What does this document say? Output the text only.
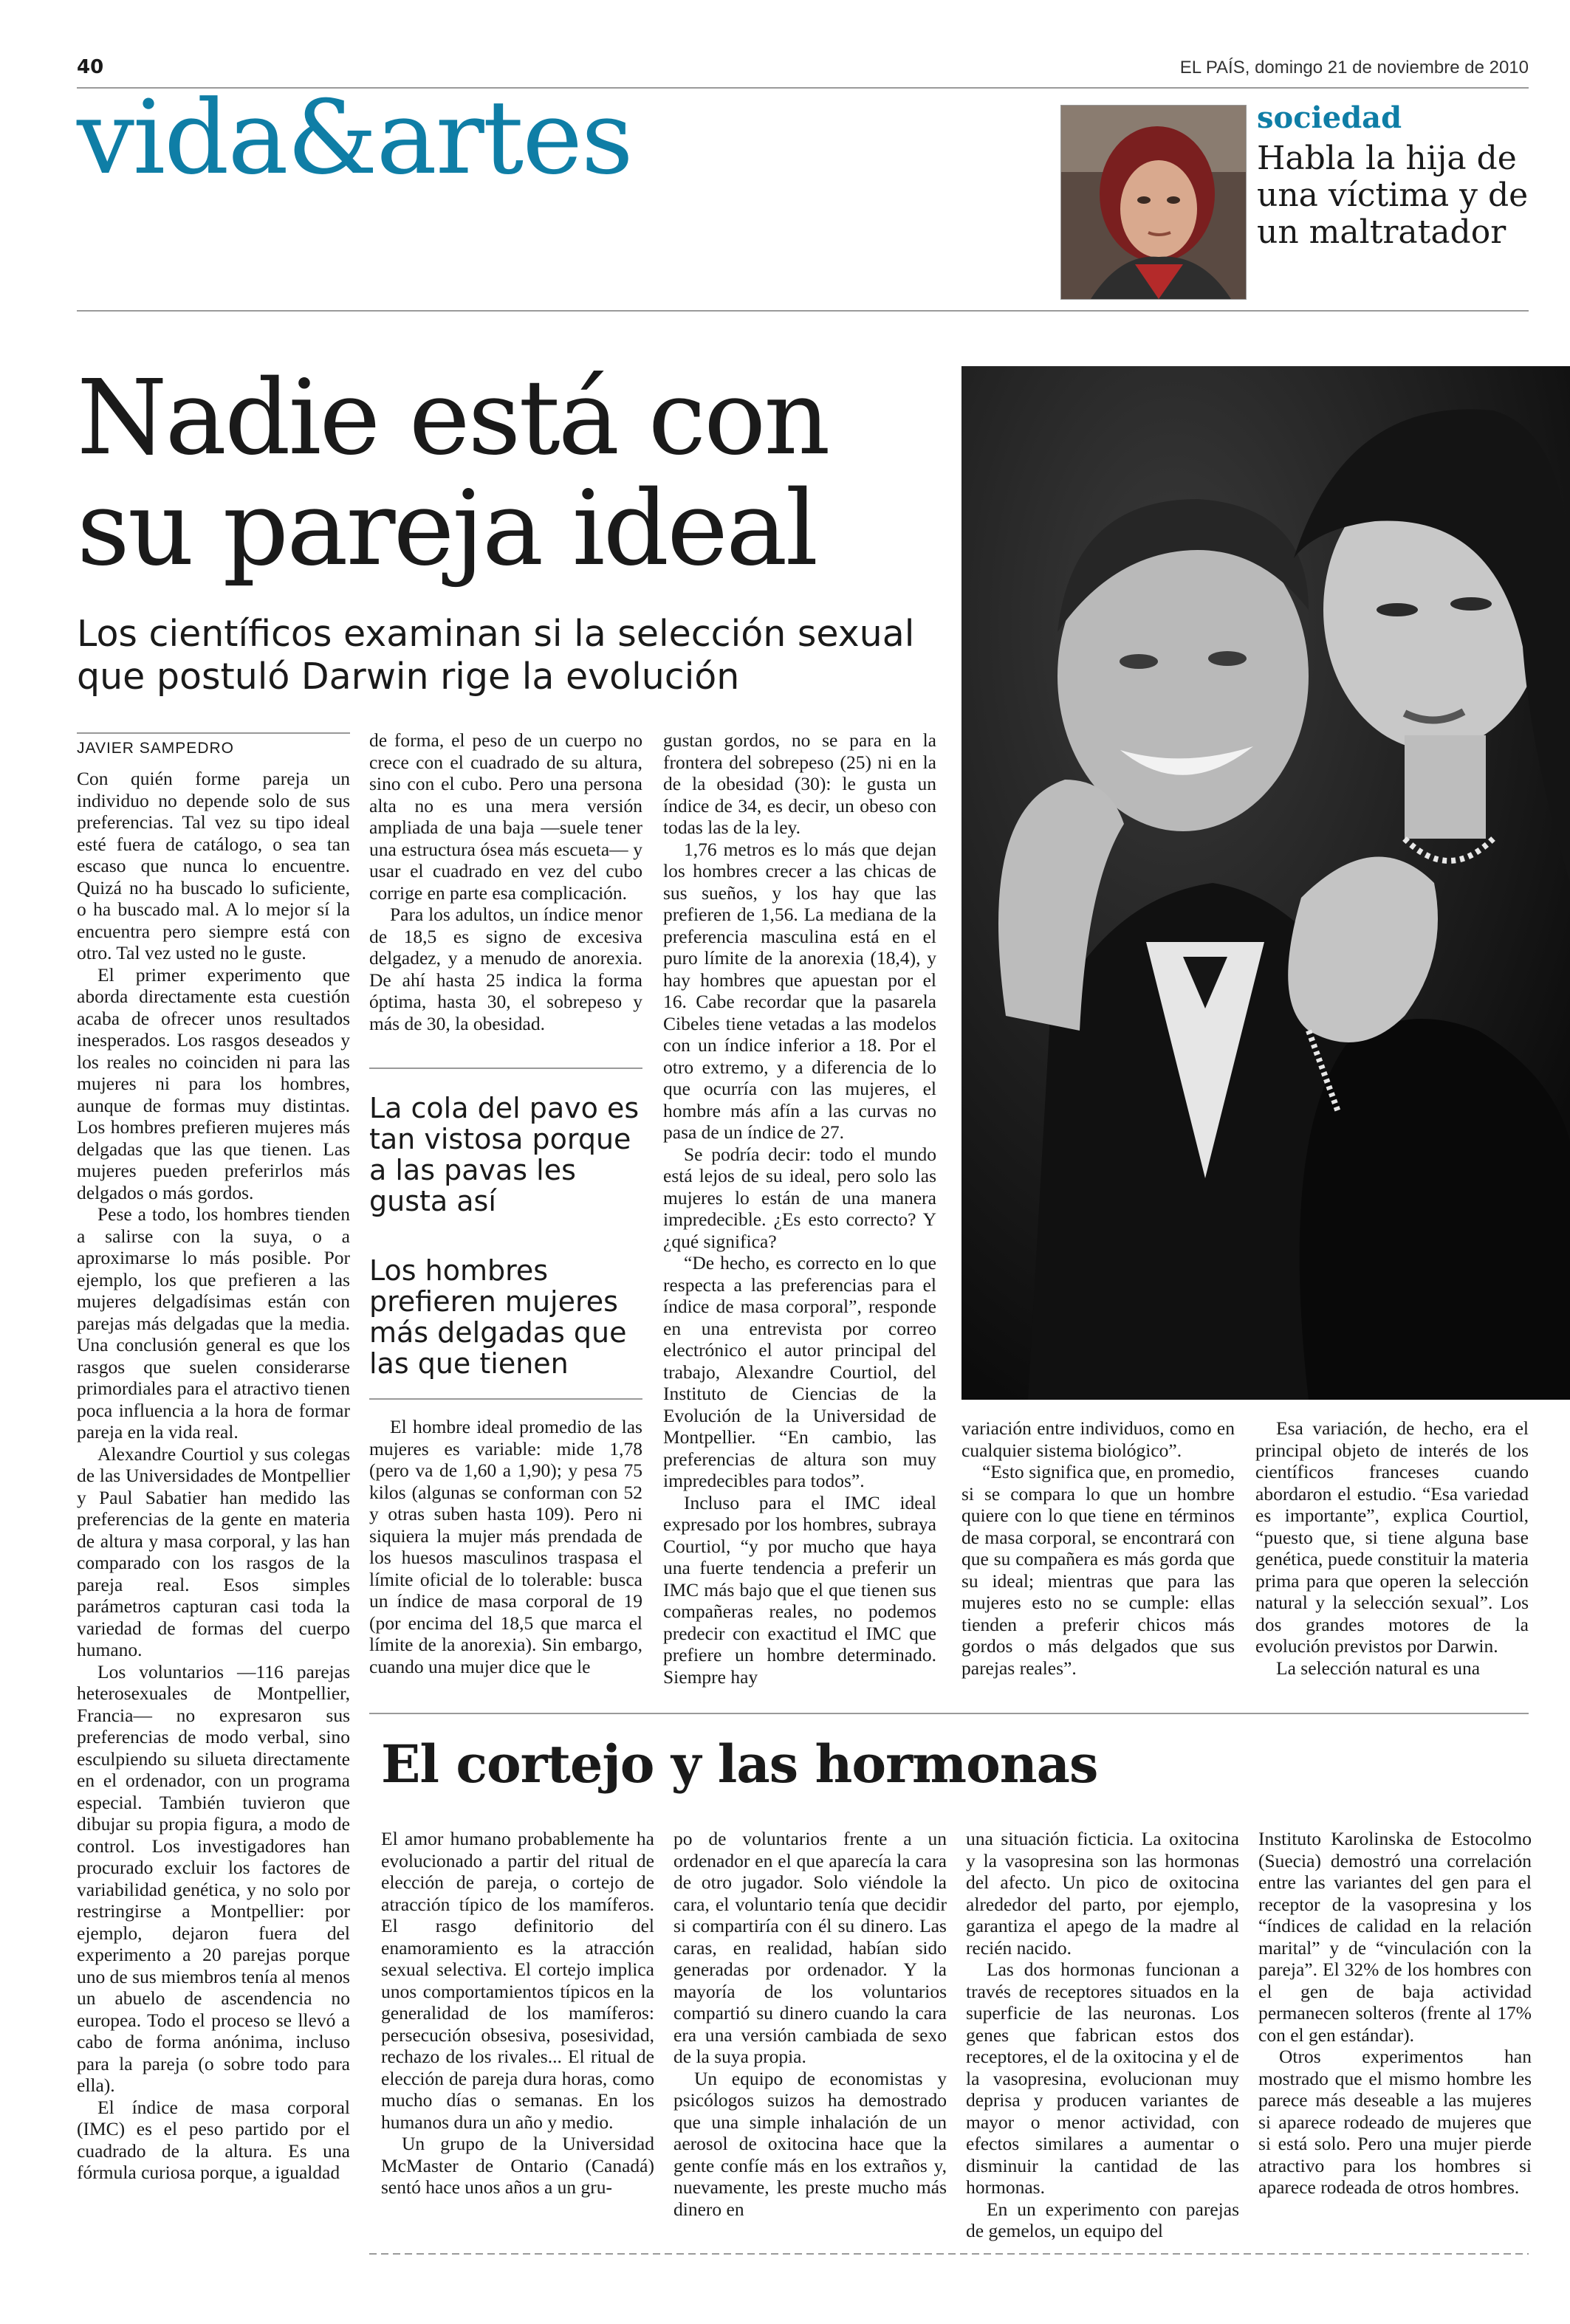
40	EL PAÍS, domingo 21 de noviembre de 2010
vida&artes	sociedad
Habla la hija de una víctima y de un maltratador
Nadie está con su pareja ideal
Los científicos examinan si la selección sexual que postuló Darwin rige la evolución
JAVIER SAMPEDRO

Con quién forme pareja un individuo no depende solo de sus preferencias. Tal vez su tipo ideal esté fuera de catálogo, o sea tan escaso que nunca lo encuentre. Quizá no ha buscado lo suficiente, o ha buscado mal. A lo mejor sí la encuentra pero siempre está con otro. Tal vez usted no le guste.

El primer experimento que aborda directamente esta cuestión acaba de ofrecer unos resultados inesperados. Los rasgos deseados y los reales no coinciden ni para las mujeres ni para los hombres, aunque de formas muy distintas. Los hombres prefieren mujeres más delgadas que las que tienen. Las mujeres pueden preferirlos más delgados o más gordos.

Pese a todo, los hombres tienden a salirse con la suya, o a aproximarse lo más posible. Por ejemplo, los que prefieren a las mujeres delgadísimas están con parejas más delgadas que la media. Una conclusión general es que los rasgos que suelen considerarse primordiales para el atractivo tienen poca influencia a la hora de formar pareja en la vida real.

Alexandre Courtiol y sus colegas de las Universidades de Montpellier y Paul Sabatier han medido las preferencias de la gente en materia de altura y masa corporal, y las han comparado con los rasgos de la pareja real. Esos simples parámetros capturan casi toda la variedad de formas del cuerpo humano.

Los voluntarios —116 parejas heterosexuales de Montpellier, Francia— no expresaron sus preferencias de modo verbal, sino esculpiendo su silueta directamente en el ordenador, con un programa especial. También tuvieron que dibujar su propia figura, a modo de control. Los investigadores han procurado excluir los factores de variabilidad genética, y no solo por restringirse a Montpellier: por ejemplo, dejaron fuera del experimento a 20 parejas porque uno de sus miembros tenía al menos un abuelo de ascendencia no europea. Todo el proceso se llevó a cabo de forma anónima, incluso para la pareja (o sobre todo para ella).

El índice de masa corporal (IMC) es el peso partido por el cuadrado de la altura. Es una fórmula curiosa porque, a igualdad

de forma, el peso de un cuerpo no crece con el cuadrado de su altura, sino con el cubo. Pero una persona alta no es una mera versión ampliada de una baja —suele tener una estructura ósea más escueta— y usar el cuadrado en vez del cubo corrige en parte esa complicación.

Para los adultos, un índice menor de 18,5 es signo de excesiva delgadez, y a menudo de anorexia. De ahí hasta 25 indica la forma óptima, hasta 30, el sobrepeso y más de 30, la obesidad.

La cola del pavo es tan vistosa porque a las pavas les gusta así
Los hombres prefieren mujeres más delgadas que las que tienen

El hombre ideal promedio de las mujeres es variable: mide 1,78 (pero va de 1,60 a 1,90); y pesa 75 kilos (algunas se conforman con 52 y otras suben hasta 109). Pero ni siquiera la mujer más prendada de los huesos masculinos traspasa el límite oficial de lo tolerable: busca un índice de masa corporal de 19 (por encima del 18,5 que marca el límite de la anorexia). Sin embargo, cuando una mujer dice que le

gustan gordos, no se para en la frontera del sobrepeso (25) ni en la de la obesidad (30): le gusta un índice de 34, es decir, un obeso con todas las de la ley.

1,76 metros es lo más que dejan los hombres crecer a las chicas de sus sueños, y los hay que las prefieren de 1,56. La mediana de la preferencia masculina está en el puro límite de la anorexia (18,4), y hay hombres que apuestan por el 16. Cabe recordar que la pasarela Cibeles tiene vetadas a las modelos con un índice inferior a 18. Por el otro extremo, y a diferencia de lo que ocurría con las mujeres, el hombre más afín a las curvas no pasa de un índice de 27.

Se podría decir: todo el mundo está lejos de su ideal, pero solo las mujeres lo están de una manera impredecible. ¿Es esto correcto? Y ¿qué significa?

“De hecho, es correcto en lo que respecta a las preferencias para el índice de masa corporal”, responde en una entrevista por correo electrónico el autor principal del trabajo, Alexandre Courtiol, del Instituto de Ciencias de la Evolución de la Universidad de Montpellier. “En cambio, las preferencias de altura son muy impredecibles para todos”.

Incluso para el IMC ideal expresado por los hombres, subraya Courtiol, “y por mucho que haya una fuerte tendencia a preferir un IMC más bajo que el que tienen sus compañeras reales, no podemos predecir con exactitud el IMC que prefiere un hombre determinado. Siempre hay

variación entre individuos, como en cualquier sistema biológico”.

“Esto significa que, en promedio, si se compara lo que un hombre quiere con lo que tiene en términos de masa corporal, se encontrará con que su compañera es más gorda que su ideal; mientras que para las mujeres esto no se cumple: ellas tienden a preferir chicos más gordos o más delgados que sus parejas reales”.

Esa variación, de hecho, era el principal objeto de interés de los científicos franceses cuando abordaron el estudio. “Esa variedad es importante”, explica Courtiol, “puesto que, si tiene alguna base genética, puede constituir la materia prima para que operen la selección natural y la selección sexual”. Los dos grandes motores de la evolución previstos por Darwin.

La selección natural es una

El cortejo y las hormonas

El amor humano probablemente ha evolucionado a partir del ritual de elección de pareja, o cortejo de atracción típico de los mamíferos. El rasgo definitorio del enamoramiento es la atracción sexual selectiva. El cortejo implica unos comportamientos típicos en la generalidad de los mamíferos: persecución obsesiva, posesividad, rechazo de los rivales... El ritual de elección de pareja dura horas, como mucho días o semanas. En los humanos dura un año y medio.

Un grupo de la Universidad McMaster de Ontario (Canadá) sentó hace unos años a un gru-

po de voluntarios frente a un ordenador en el que aparecía la cara de otro jugador. Solo viéndole la cara, el voluntario tenía que decidir si compartiría con él su dinero. Las caras, en realidad, habían sido generadas por ordenador. Y la mayoría de los voluntarios compartió su dinero cuando la cara era una versión cambiada de sexo de la suya propia.

Un equipo de economistas y psicólogos suizos ha demostrado que una simple inhalación de un aerosol de oxitocina hace que la gente confíe más en los extraños y, nuevamente, les preste mucho más dinero en

una situación ficticia. La oxitocina y la vasopresina son las hormonas del afecto. Un pico de oxitocina alrededor del parto, por ejemplo, garantiza el apego de la madre al recién nacido.

Las dos hormonas funcionan a través de receptores situados en la superficie de las neuronas. Los genes que fabrican estos dos receptores, el de la oxitocina y el de la vasopresina, evolucionan muy deprisa y producen variantes de mayor o menor actividad, con efectos similares a aumentar o disminuir la cantidad de las hormonas.

En un experimento con parejas de gemelos, un equipo del

Instituto Karolinska de Estocolmo (Suecia) demostró una correlación entre las variantes del gen para el receptor de la vasopresina y los “índices de calidad en la relación marital” y de “vinculación con la pareja”. El 32% de los hombres con el gen de baja actividad permanecen solteros (frente al 17% con el gen estándar).

Otros experimentos han mostrado que el mismo hombre les parece más deseable a las mujeres si aparece rodeado de mujeres que si está solo. Pero una mujer pierde atractivo para los hombres si aparece rodeada de otros hombres.
